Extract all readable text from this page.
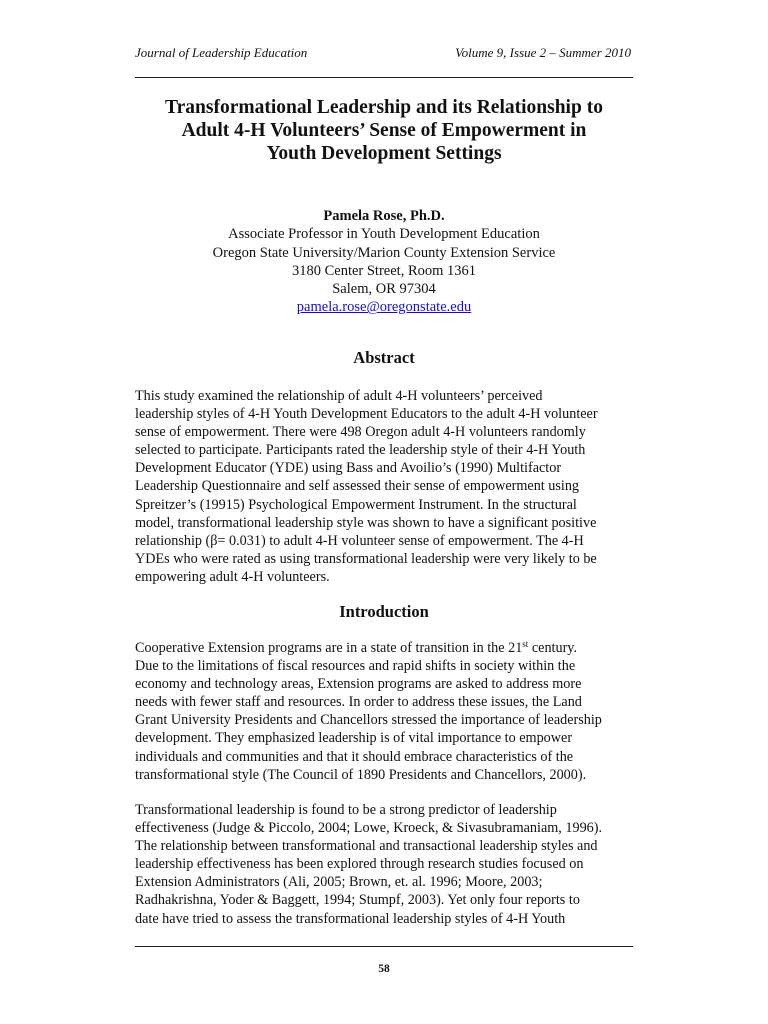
Journal of Leadership Education	Volume 9, Issue 2 – Summer 2010
Transformational Leadership and its Relationship to
Adult 4-H Volunteers’ Sense of Empowerment in
Youth Development Settings
Pamela Rose, Ph.D.
Associate Professor in Youth Development Education
Oregon State University/Marion County Extension Service
3180 Center Street, Room 1361
Salem, OR 97304
pamela.rose@oregonstate.edu
Abstract

This study examined the relationship of adult 4-H volunteers’ perceived
leadership styles of 4-H Youth Development Educators to the adult 4-H volunteer
sense of empowerment. There were 498 Oregon adult 4-H volunteers randomly
selected to participate. Participants rated the leadership style of their 4-H Youth
Development Educator (YDE) using Bass and Avoilio’s (1990) Multifactor
Leadership Questionnaire and self assessed their sense of empowerment using
Spreitzer’s (19915) Psychological Empowerment Instrument. In the structural
model, transformational leadership style was shown to have a significant positive
relationship (β= 0.031) to adult 4-H volunteer sense of empowerment. The 4-H
YDEs who were rated as using transformational leadership were very likely to be
empowering adult 4-H volunteers.

Introduction

Cooperative Extension programs are in a state of transition in the 21st century.
Due to the limitations of fiscal resources and rapid shifts in society within the
economy and technology areas, Extension programs are asked to address more
needs with fewer staff and resources. In order to address these issues, the Land
Grant University Presidents and Chancellors stressed the importance of leadership
development. They emphasized leadership is of vital importance to empower
individuals and communities and that it should embrace characteristics of the
transformational style (The Council of 1890 Presidents and Chancellors, 2000).

Transformational leadership is found to be a strong predictor of leadership
effectiveness (Judge & Piccolo, 2004; Lowe, Kroeck, & Sivasubramaniam, 1996).
The relationship between transformational and transactional leadership styles and
leadership effectiveness has been explored through research studies focused on
Extension Administrators (Ali, 2005; Brown, et. al. 1996; Moore, 2003;
Radhakrishna, Yoder & Baggett, 1994; Stumpf, 2003). Yet only four reports to
date have tried to assess the transformational leadership styles of 4-H Youth

58
